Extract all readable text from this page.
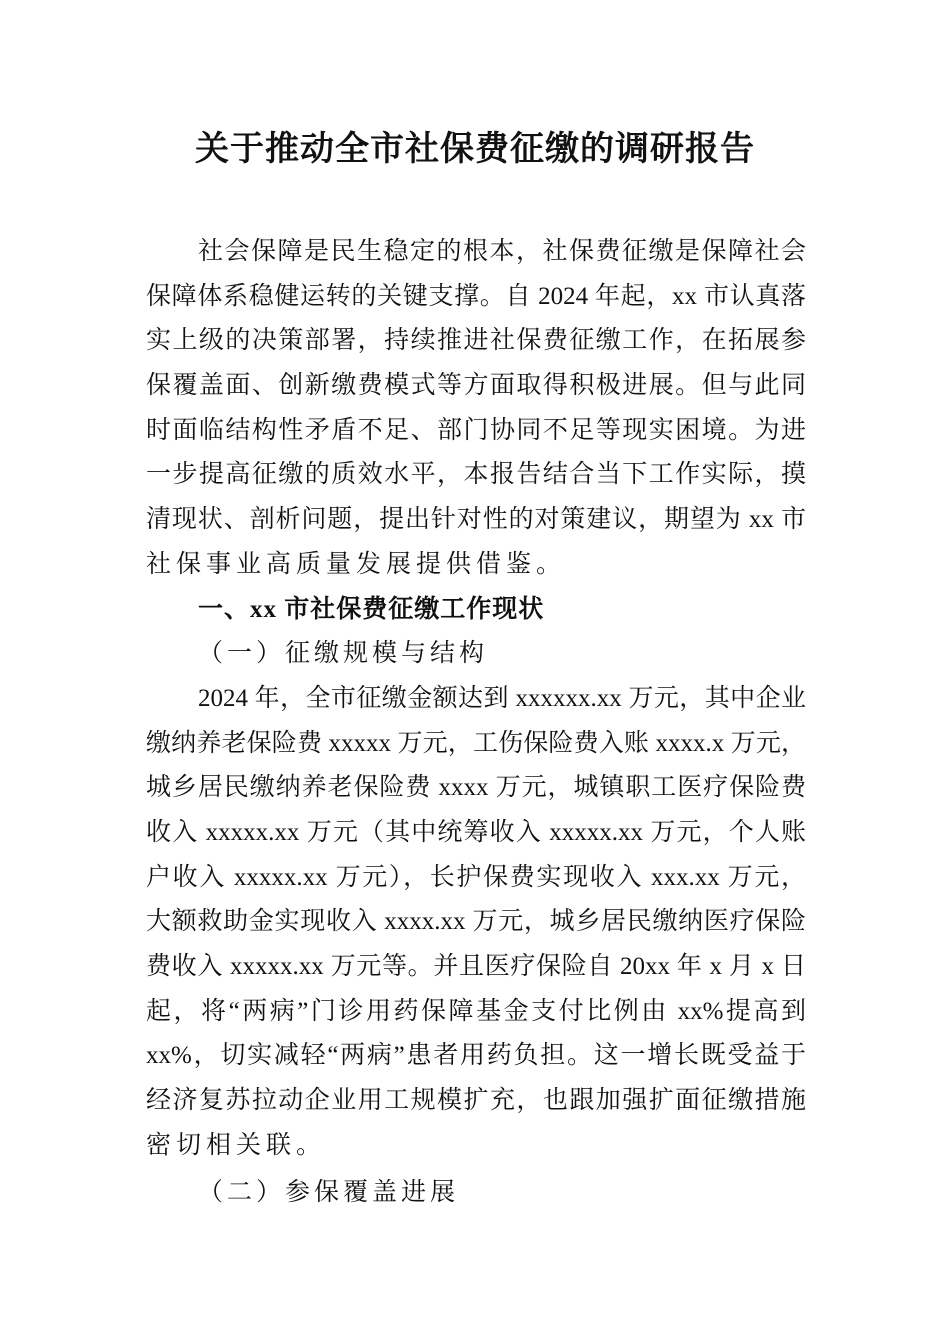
关于推动全市社保费征缴的调研报告
社会保障是民生稳定的根本，社保费征缴是保障社会
保障体系稳健运转的关键支撑。自 2024 年起，xx 市认真落
实上级的决策部署，持续推进社保费征缴工作，在拓展参
保覆盖面、创新缴费模式等方面取得积极进展。但与此同
时面临结构性矛盾不足、部门协同不足等现实困境。为进
一步提高征缴的质效水平，本报告结合当下工作实际，摸
清现状、剖析问题，提出针对性的对策建议，期望为 xx 市
社保事业高质量发展提供借鉴。
一、xx 市社保费征缴工作现状
（一）征缴规模与结构
2024 年，全市征缴金额达到 xxxxxx.xx 万元，其中企业
缴纳养老保险费 xxxxx 万元，工伤保险费入账 xxxx.x 万元，
城乡居民缴纳养老保险费 xxxx 万元，城镇职工医疗保险费
收入 xxxxx.xx 万元（其中统筹收入 xxxxx.xx 万元，个人账
户收入 xxxxx.xx 万元），长护保费实现收入 xxx.xx 万元，
大额救助金实现收入 xxxx.xx 万元，城乡居民缴纳医疗保险
费收入 xxxxx.xx 万元等。并且医疗保险自 20xx 年 x 月 x 日
起，将“两病”门诊用药保障基金支付比例由 xx%提高到
xx%，切实减轻“两病”患者用药负担。这一增长既受益于
经济复苏拉动企业用工规模扩充，也跟加强扩面征缴措施
密切相关联。
（二）参保覆盖进展
